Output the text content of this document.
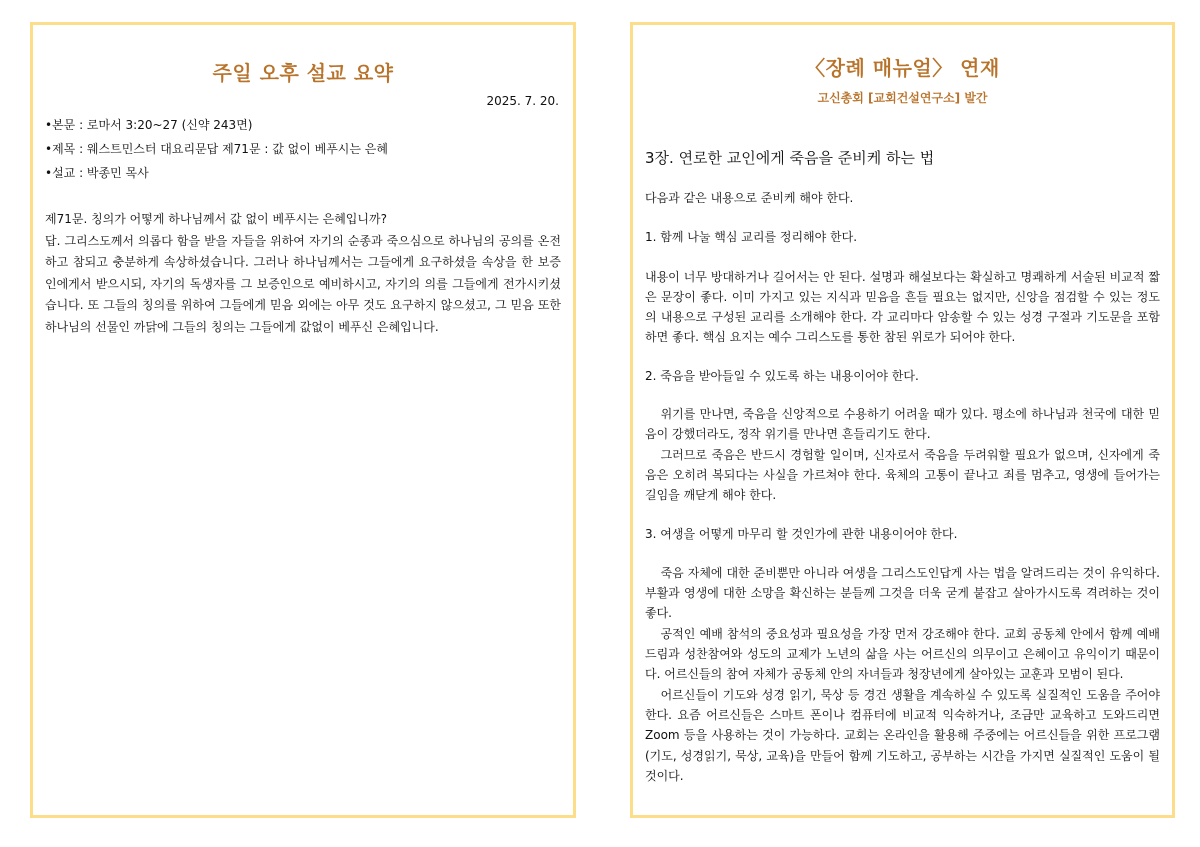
주일 오후 설교 요약
2025. 7. 20.
•본문 : 로마서 3:20~27 (신약 243면)
•제목 : 웨스트민스터 대요리문답 제71문 : 값 없이 베푸시는 은혜
•설교 : 박종민 목사

제71문. 칭의가 어떻게 하나님께서 값 없이 베푸시는 은혜입니까?

답. 그리스도께서 의롭다 함을 받을 자들을 위하여 자기의 순종과 죽으심으로 하나님의 공의를 온전하고 참되고 충분하게 속상하셨습니다. 그러나 하나님께서는 그들에게 요구하셨을 속상을 한 보증인에게서 받으시되, 자기의 독생자를 그 보증인으로 예비하시고, 자기의 의를 그들에게 전가시키셨습니다. 또 그들의 칭의를 위하여 그들에게 믿음 외에는 아무 것도 요구하지 않으셨고, 그 믿음 또한 하나님의 선물인 까닭에 그들의 칭의는 그들에게 값없이 베푸신 은혜입니다.

〈장례 매뉴얼〉 연재
고신총회 [교회건설연구소] 발간
3장. 연로한 교인에게 죽음을 준비케 하는 법

다음과 같은 내용으로 준비케 해야 한다.

1. 함께 나눌 핵심 교리를 정리해야 한다.

내용이 너무 방대하거나 길어서는 안 된다. 설명과 해설보다는 확실하고 명쾌하게 서술된 비교적 짧은 문장이 좋다. 이미 가지고 있는 지식과 믿음을 흔들 필요는 없지만, 신앙을 점검할 수 있는 정도의 내용으로 구성된 교리를 소개해야 한다. 각 교리마다 암송할 수 있는 성경 구절과 기도문을 포함하면 좋다. 핵심 요지는 예수 그리스도를 통한 참된 위로가 되어야 한다.

2. 죽음을 받아들일 수 있도록 하는 내용이어야 한다.

위기를 만나면, 죽음을 신앙적으로 수용하기 어려울 때가 있다. 평소에 하나님과 천국에 대한 믿음이 강했더라도, 정작 위기를 만나면 흔들리기도 한다.

그러므로 죽음은 반드시 경험할 일이며, 신자로서 죽음을 두려워할 필요가 없으며, 신자에게 죽음은 오히려 복되다는 사실을 가르쳐야 한다. 육체의 고통이 끝나고 죄를 멈추고, 영생에 들어가는 길임을 깨닫게 해야 한다.

3. 여생을 어떻게 마무리 할 것인가에 관한 내용이어야 한다.

죽음 자체에 대한 준비뿐만 아니라 여생을 그리스도인답게 사는 법을 알려드리는 것이 유익하다. 부활과 영생에 대한 소망을 확신하는 분들께 그것을 더욱 굳게 붙잡고 살아가시도록 격려하는 것이 좋다.

공적인 예배 참석의 중요성과 필요성을 가장 먼저 강조해야 한다. 교회 공동체 안에서 함께 예배드림과 성찬참여와 성도의 교제가 노년의 삶을 사는 어르신의 의무이고 은혜이고 유익이기 때문이다. 어르신들의 참여 자체가 공동체 안의 자녀들과 청장년에게 살아있는 교훈과 모범이 된다.

어르신들이 기도와 성경 읽기, 묵상 등 경건 생활을 계속하실 수 있도록 실질적인 도움을 주어야 한다. 요즘 어르신들은 스마트 폰이나 컴퓨터에 비교적 익숙하거나, 조금만 교육하고 도와드리면 Zoom 등을 사용하는 것이 가능하다. 교회는 온라인을 활용해 주중에는 어르신들을 위한 프로그램(기도, 성경읽기, 묵상, 교육)을 만들어 함께 기도하고, 공부하는 시간을 가지면 실질적인 도움이 될 것이다.
